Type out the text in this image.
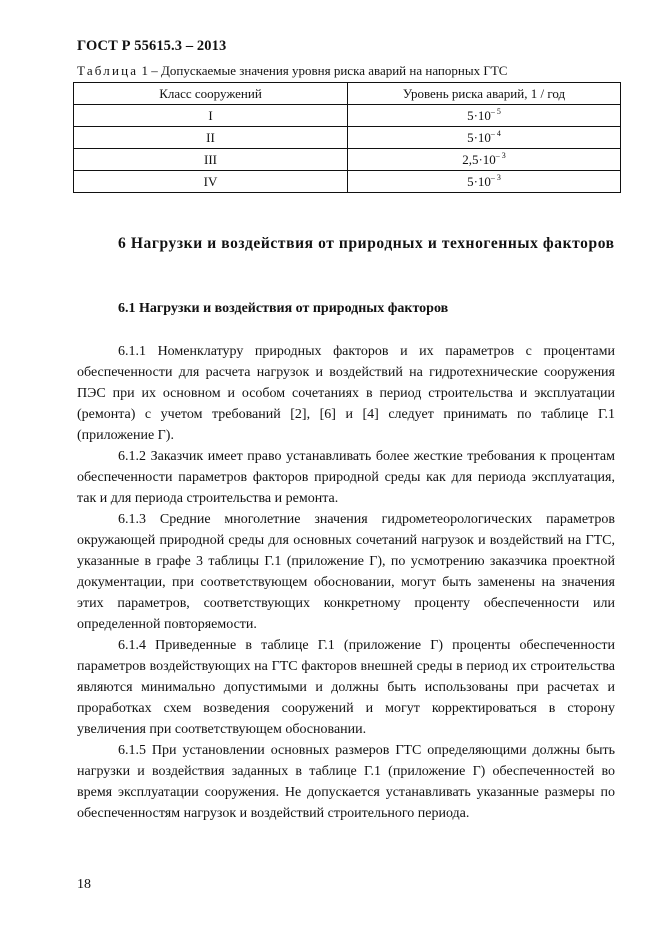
ГОСТ Р 55615.3 – 2013
Таблица 1 – Допускаемые значения уровня риска аварий на напорных ГТС
Класс сооружений	Уровень риска аварий, 1 / год
I	$5\cdot 10^{- 5}$
II	$5\cdot 10^{- 4}$
III	$2,5\cdot 10^{- 3}$
IV	$5\cdot 10^{- 3}$
6 Нагрузки и воздействия от природных и техногенных факторов
6.1 Нагрузки и воздействия от природных факторов

6.1.1 Номенклатуру природных факторов и их параметров с процентами обеспеченности для расчета нагрузок и воздействий на гидротехнические сооружения ПЭС при их основном и особом сочетаниях в период строительства и эксплуатации (ремонта) с учетом требований [2], [6] и [4] следует принимать по таблице Г.1 (приложение Г).

6.1.2 Заказчик имеет право устанавливать более жесткие требования к процентам обеспеченности параметров факторов природной среды как для периода эксплуатация, так и для периода строительства и ремонта.

6.1.3 Средние многолетние значения гидрометеорологических параметров окружающей природной среды для основных сочетаний нагрузок и воздействий на ГТС, указанные в графе 3 таблицы Г.1 (приложение Г), по усмотрению заказчика проектной документации, при соответствующем обосновании, могут быть заменены на значения этих параметров, соответствующих конкретному проценту обеспеченности или определенной повторяемости.

6.1.4 Приведенные в таблице Г.1 (приложение Г) проценты обеспеченности параметров воздействующих на ГТС факторов внешней среды в период их строительства являются минимально допустимыми и должны быть использованы при расчетах и проработках схем возведения сооружений и могут корректироваться в сторону увеличения при соответствующем обосновании.

6.1.5 При установлении основных размеров ГТС определяющими должны быть нагрузки и воздействия заданных в таблице Г.1 (приложение Г) обеспеченностей во время эксплуатации сооружения. Не допускается устанавливать указанные размеры по обеспеченностям нагрузок и воздействий строительного периода.

18
